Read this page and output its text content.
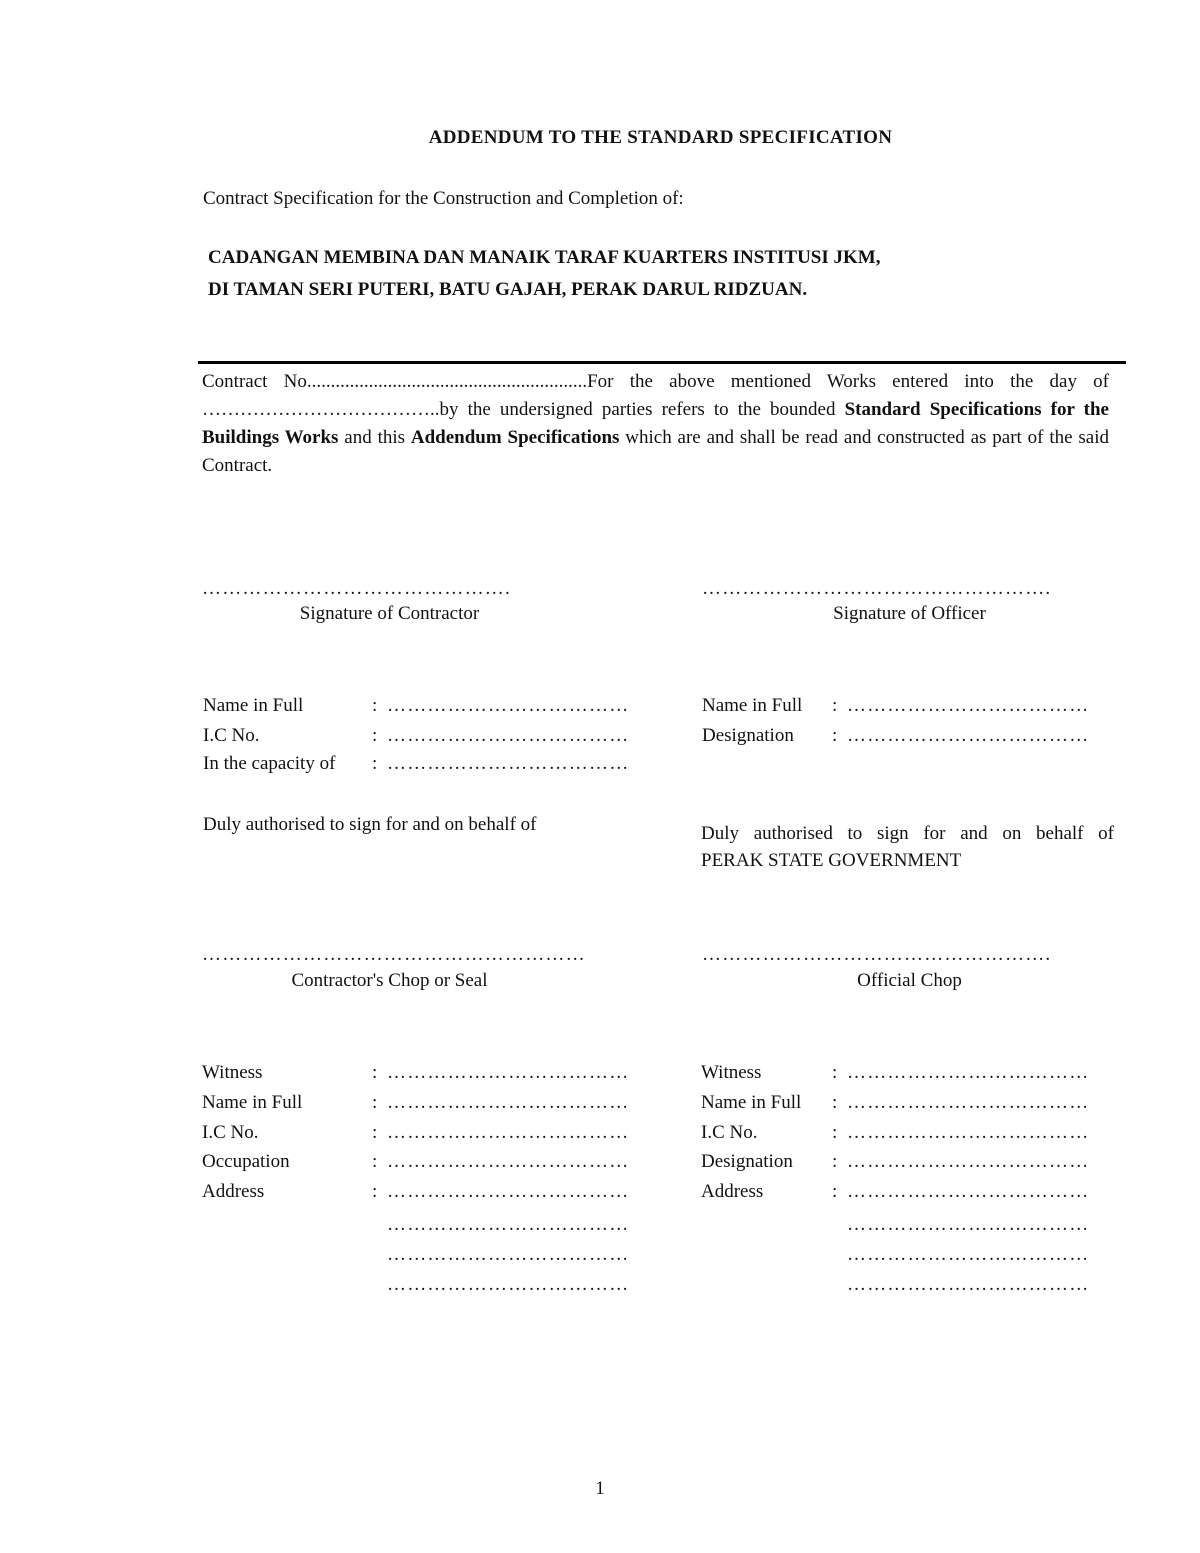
ADDENDUM TO THE STANDARD SPECIFICATION
Contract Specification for the Construction and Completion of:
CADANGAN MEMBINA DAN MANAIK TARAF KUARTERS INSTITUSI JKM,
DI TAMAN SERI PUTERI, BATU GAJAH, PERAK DARUL RIDZUAN.
Contract No...........................................................For the above mentioned Works entered into the day of ………………………………..by the undersigned parties refers to the bounded Standard Specifications for the Buildings Works and this Addendum Specifications which are and shall be read and constructed as part of the said Contract.
……………………………………….
Signature of Contractor
Name in Full	: ………………………………
I.C No.	: ………………………………
In the capacity of : ………………………………
Duly authorised to sign for and on behalf of
…………………………………………………
Contractor's Chop or Seal
Witness	: ………………………………
Name in Full	: ………………………………
I.C No.	: ………………………………
Occupation	: ………………………………
Address	: ………………………………
………………………………
………………………………
………………………………
…………………………………………….
Signature of Officer
Name in Full : ………………………………
Designation : ………………………………
Duly authorised to sign for and on behalf of
PERAK STATE GOVERNMENT
…………………………………………….
Official Chop
Witness	: ………………………………
Name in Full : ………………………………
I.C No.	: ………………………………
Designation : ………………………………
Address	: ………………………………
………………………………
………………………………
………………………………
1
